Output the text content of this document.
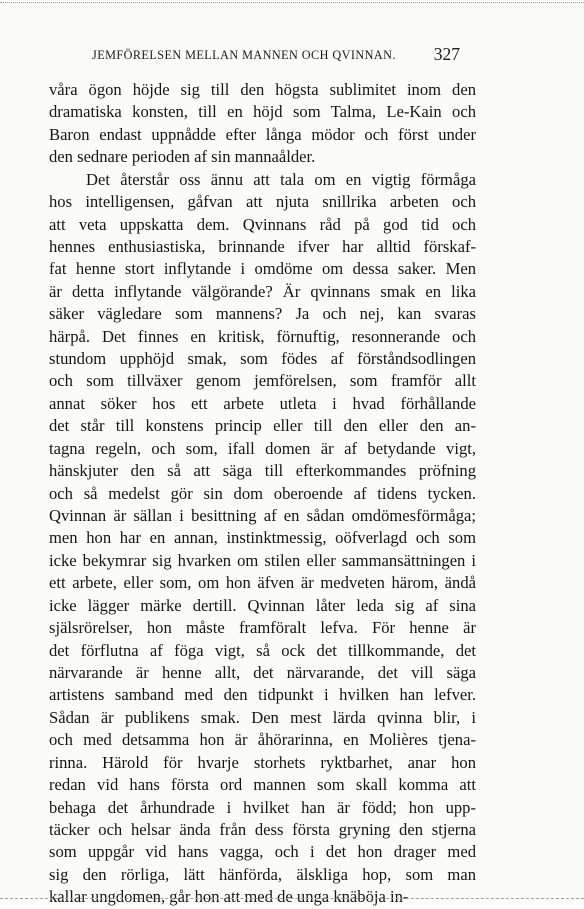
JEMFÖRELSEN MELLAN MANNEN OCH QVINNAN. 327
våra ögon höjde sig till den högsta sublimitet inom den
dramatiska konsten, till en höjd som Talma, Le-Kain och
Baron endast uppnådde efter långa mödor och först under
den sednare perioden af sin mannaålder.
Det återstår oss ännu att tala om en vigtig förmåga
hos intelligensen, gåfvan att njuta snillrika arbeten och
att veta uppskatta dem. Qvinnans råd på god tid och
hennes enthusiastiska, brinnande ifver har alltid förskaf-
fat henne stort inflytande i omdöme om dessa saker. Men
är detta inflytande välgörande? Är qvinnans smak en lika
säker vägledare som mannens? Ja och nej, kan svaras
härpå. Det finnes en kritisk, förnuftig, resonnerande och
stundom upphöjd smak, som födes af förståndsodlingen
och som tillväxer genom jemförelsen, som framför allt
annat söker hos ett arbete utleta i hvad förhållande
det står till konstens princip eller till den eller den an-
tagna regeln, och som, ifall domen är af betydande vigt,
hänskjuter den så att säga till efterkommandes pröfning
och så medelst gör sin dom oberoende af tidens tycken.
Qvinnan är sällan i besittning af en sådan omdömesförmåga;
men hon har en annan, instinktmessig, oöfverlagd och som
icke bekymrar sig hvarken om stilen eller sammansättningen i
ett arbete, eller som, om hon äfven är medveten härom, ändå
icke lägger märke dertill. Qvinnan låter leda sig af sina
själsrörelser, hon måste framföralt lefva. För henne är
det förflutna af föga vigt, så ock det tillkommande, det
närvarande är henne allt, det närvarande, det vill säga
artistens samband med den tidpunkt i hvilken han lefver.
Sådan är publikens smak. Den mest lärda qvinna blir, i
och med detsamma hon är åhörarinna, en Molières tjena-
rinna. Härold för hvarje storhets ryktbarhet, anar hon
redan vid hans första ord mannen som skall komma att
behaga det århundrade i hvilket han är född; hon upp-
täcker och helsar ända från dess första gryning den stjerna
som uppgår vid hans vagga, och i det hon drager med
sig den rörliga, lätt hänförda, älskliga hop, som man
kallar ungdomen, går hon att med de unga knäböja in-
